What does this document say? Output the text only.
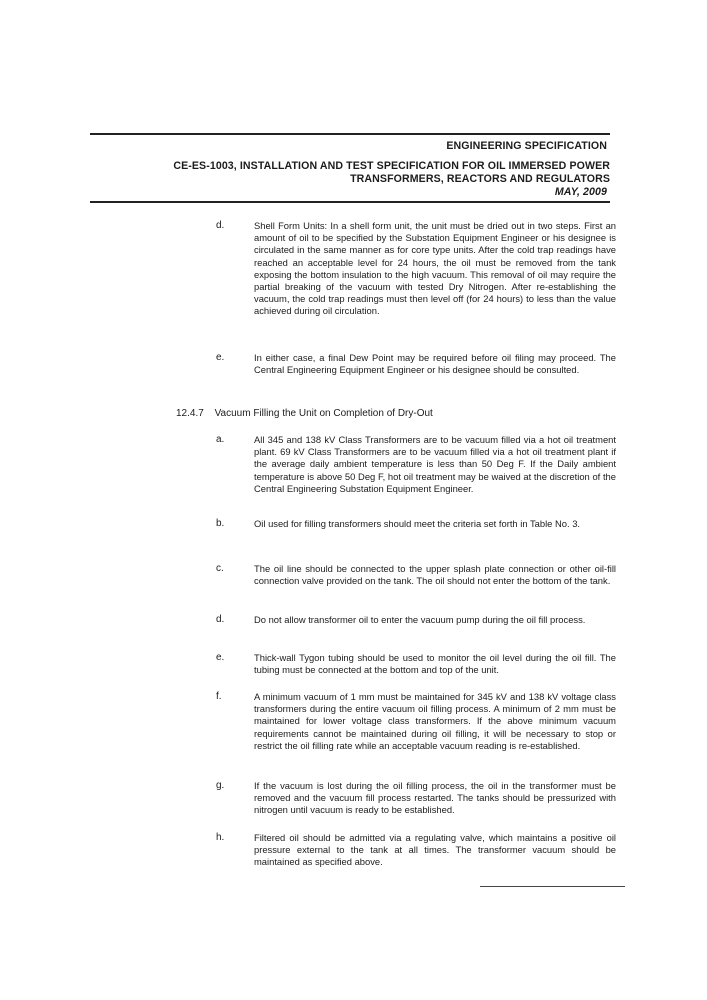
ENGINEERING SPECIFICATION
CE-ES-1003, INSTALLATION AND TEST SPECIFICATION FOR OIL IMMERSED POWER
TRANSFORMERS, REACTORS AND REGULATORS
MAY, 2009
d.	Shell Form Units: In a shell form unit, the unit must be dried out in two steps. First an amount of oil to be specified by the Substation Equipment Engineer or his designee is circulated in the same manner as for core type units. After the cold trap readings have reached an acceptable level for 24 hours, the oil must be removed from the tank exposing the bottom insulation to the high vacuum. This removal of oil may require the partial breaking of the vacuum with tested Dry Nitrogen. After re-establishing the vacuum, the cold trap readings must then level off (for 24 hours) to less than the value achieved during oil circulation.
e.	In either case, a final Dew Point may be required before oil filing may proceed. The Central Engineering Equipment Engineer or his designee should be consulted.
12.4.7 Vacuum Filling the Unit on Completion of Dry-Out
a.	All 345 and 138 kV Class Transformers are to be vacuum filled via a hot oil treatment plant. 69 kV Class Transformers are to be vacuum filled via a hot oil treatment plant if the average daily ambient temperature is less than 50 Deg F. If the Daily ambient temperature is above 50 Deg F, hot oil treatment may be waived at the discretion of the Central Engineering Substation Equipment Engineer.
b.	Oil used for filling transformers should meet the criteria set forth in Table No. 3.
c.	The oil line should be connected to the upper splash plate connection or other oil-fill connection valve provided on the tank. The oil should not enter the bottom of the tank.
d.	Do not allow transformer oil to enter the vacuum pump during the oil fill process.
e.	Thick-wall Tygon tubing should be used to monitor the oil level during the oil fill. The tubing must be connected at the bottom and top of the unit.
f.	A minimum vacuum of 1 mm must be maintained for 345 kV and 138 kV voltage class transformers during the entire vacuum oil filling process. A minimum of 2 mm must be maintained for lower voltage class transformers. If the above minimum vacuum requirements cannot be maintained during oil filling, it will be necessary to stop or restrict the oil filling rate while an acceptable vacuum reading is re-established.
g.	If the vacuum is lost during the oil filling process, the oil in the transformer must be removed and the vacuum fill process restarted. The tanks should be pressurized with nitrogen until vacuum is ready to be established.
h.	Filtered oil should be admitted via a regulating valve, which maintains a positive oil pressure external to the tank at all times. The transformer vacuum should be maintained as specified above.
